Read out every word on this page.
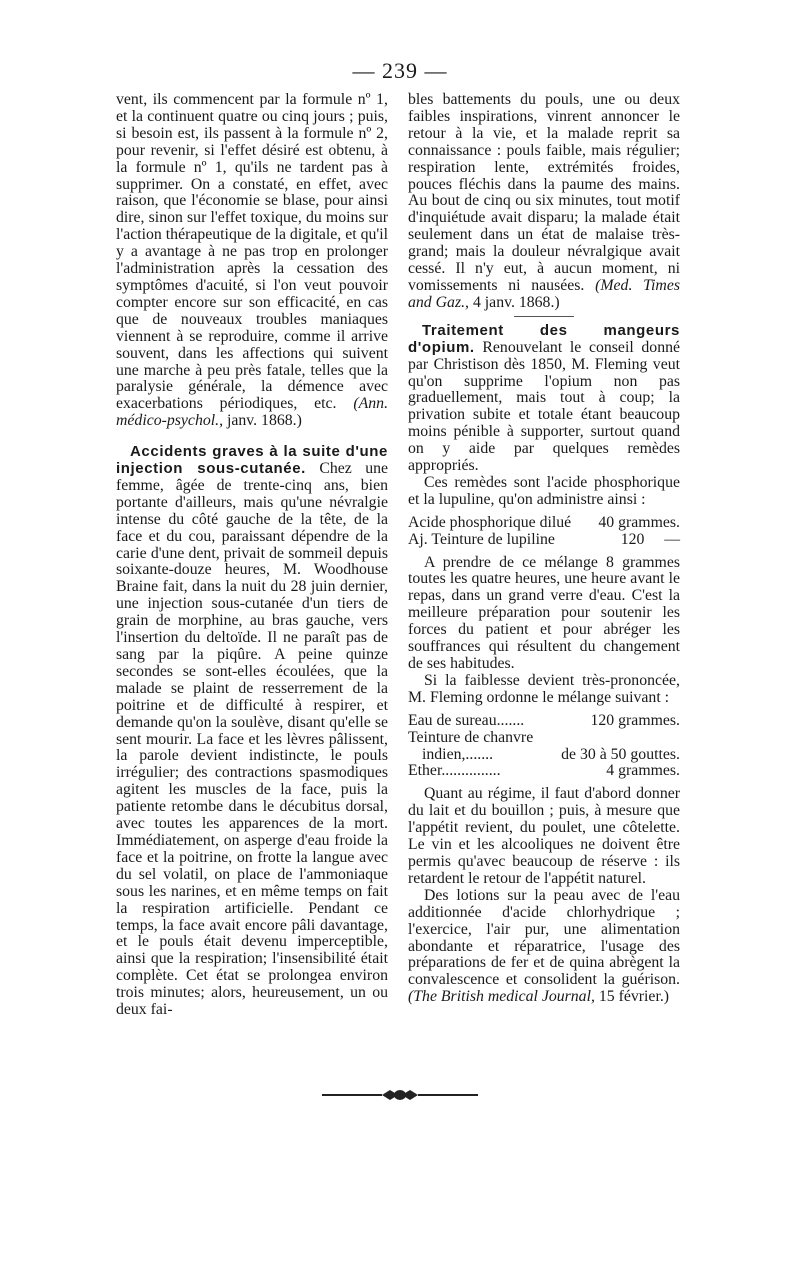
— 239 —

vent, ils commencent par la formule nº 1, et la continuent quatre ou cinq jours ; puis, si besoin est, ils passent à la formule nº 2, pour revenir, si l'effet désiré est obtenu, à la formule nº 1, qu'ils ne tardent pas à supprimer. On a constaté, en effet, avec raison, que l'économie se blase, pour ainsi dire, sinon sur l'effet toxique, du moins sur l'action thérapeutique de la digitale, et qu'il y a avantage à ne pas trop en prolonger l'administration après la cessation des symptômes d'acuité, si l'on veut pouvoir compter encore sur son efficacité, en cas que de nouveaux troubles maniaques viennent à se reproduire, comme il arrive souvent, dans les affections qui suivent une marche à peu près fatale, telles que la paralysie générale, la démence avec exacerbations périodiques, etc. (Ann. médico-psychol., janv. 1868.)

Accidents graves à la suite d'une injection sous-cutanée. Chez une femme, âgée de trente-cinq ans, bien portante d'ailleurs, mais qu'une névralgie intense du côté gauche de la tête, de la face et du cou, paraissant dépendre de la carie d'une dent, privait de sommeil depuis soixante-douze heures, M. Woodhouse Braine fait, dans la nuit du 28 juin dernier, une injection sous-cutanée d'un tiers de grain de morphine, au bras gauche, vers l'insertion du deltoïde. Il ne paraît pas de sang par la piqûre. A peine quinze secondes se sont-elles écoulées, que la malade se plaint de resserrement de la poitrine et de difficulté à respirer, et demande qu'on la soulève, disant qu'elle se sent mourir. La face et les lèvres pâlissent, la parole devient indistincte, le pouls irrégulier; des contractions spasmodiques agitent les muscles de la face, puis la patiente retombe dans le décubitus dorsal, avec toutes les apparences de la mort. Immédiatement, on asperge d'eau froide la face et la poitrine, on frotte la langue avec du sel volatil, on place de l'ammoniaque sous les narines, et en même temps on fait la respiration artificielle. Pendant ce temps, la face avait encore pâli davantage, et le pouls était devenu imperceptible, ainsi que la respiration; l'insensibilité était complète. Cet état se prolongea environ trois minutes; alors, heureusement, un ou deux fai-

bles battements du pouls, une ou deux faibles inspirations, vinrent annoncer le retour à la vie, et la malade reprit sa connaissance : pouls faible, mais régulier; respiration lente, extrémités froides, pouces fléchis dans la paume des mains. Au bout de cinq ou six minutes, tout motif d'inquiétude avait disparu; la malade était seulement dans un état de malaise très-grand; mais la douleur névralgique avait cessé. Il n'y eut, à aucun moment, ni vomissements ni nausées. (Med. Times and Gaz., 4 janv. 1868.)

Traitement des mangeurs d'opium. Renouvelant le conseil donné par Christison dès 1850, M. Fleming veut qu'on supprime l'opium non pas graduellement, mais tout à coup; la privation subite et totale étant beaucoup moins pénible à supporter, surtout quand on y aide par quelques remèdes appropriés.

Ces remèdes sont l'acide phosphorique et la lupuline, qu'on administre ainsi :

Acide phosphorique dilué 40 grammes.
Aj. Teinture de lupiline	120     —

A prendre de ce mélange 8 grammes toutes les quatre heures, une heure avant le repas, dans un grand verre d'eau. C'est la meilleure préparation pour soutenir les forces du patient et pour abréger les souffrances qui résultent du changement de ses habitudes.

Si la faiblesse devient très-prononcée, M. Fleming ordonne le mélange suivant :

Eau de sureau.......	120 grammes.
Teinture de chanvre
indien,.......	de 30 à 50 gouttes.
Ether...............	4 grammes.

Quant au régime, il faut d'abord donner du lait et du bouillon ; puis, à mesure que l'appétit revient, du poulet, une côtelette. Le vin et les alcooliques ne doivent être permis qu'avec beaucoup de réserve : ils retardent le retour de l'appétit naturel.

Des lotions sur la peau avec de l'eau additionnée d'acide chlorhydrique ; l'exercice, l'air pur, une alimentation abondante et réparatrice, l'usage des préparations de fer et de quina abrègent la convalescence et consolident la guérison. (The British medical Journal, 15 février.)
